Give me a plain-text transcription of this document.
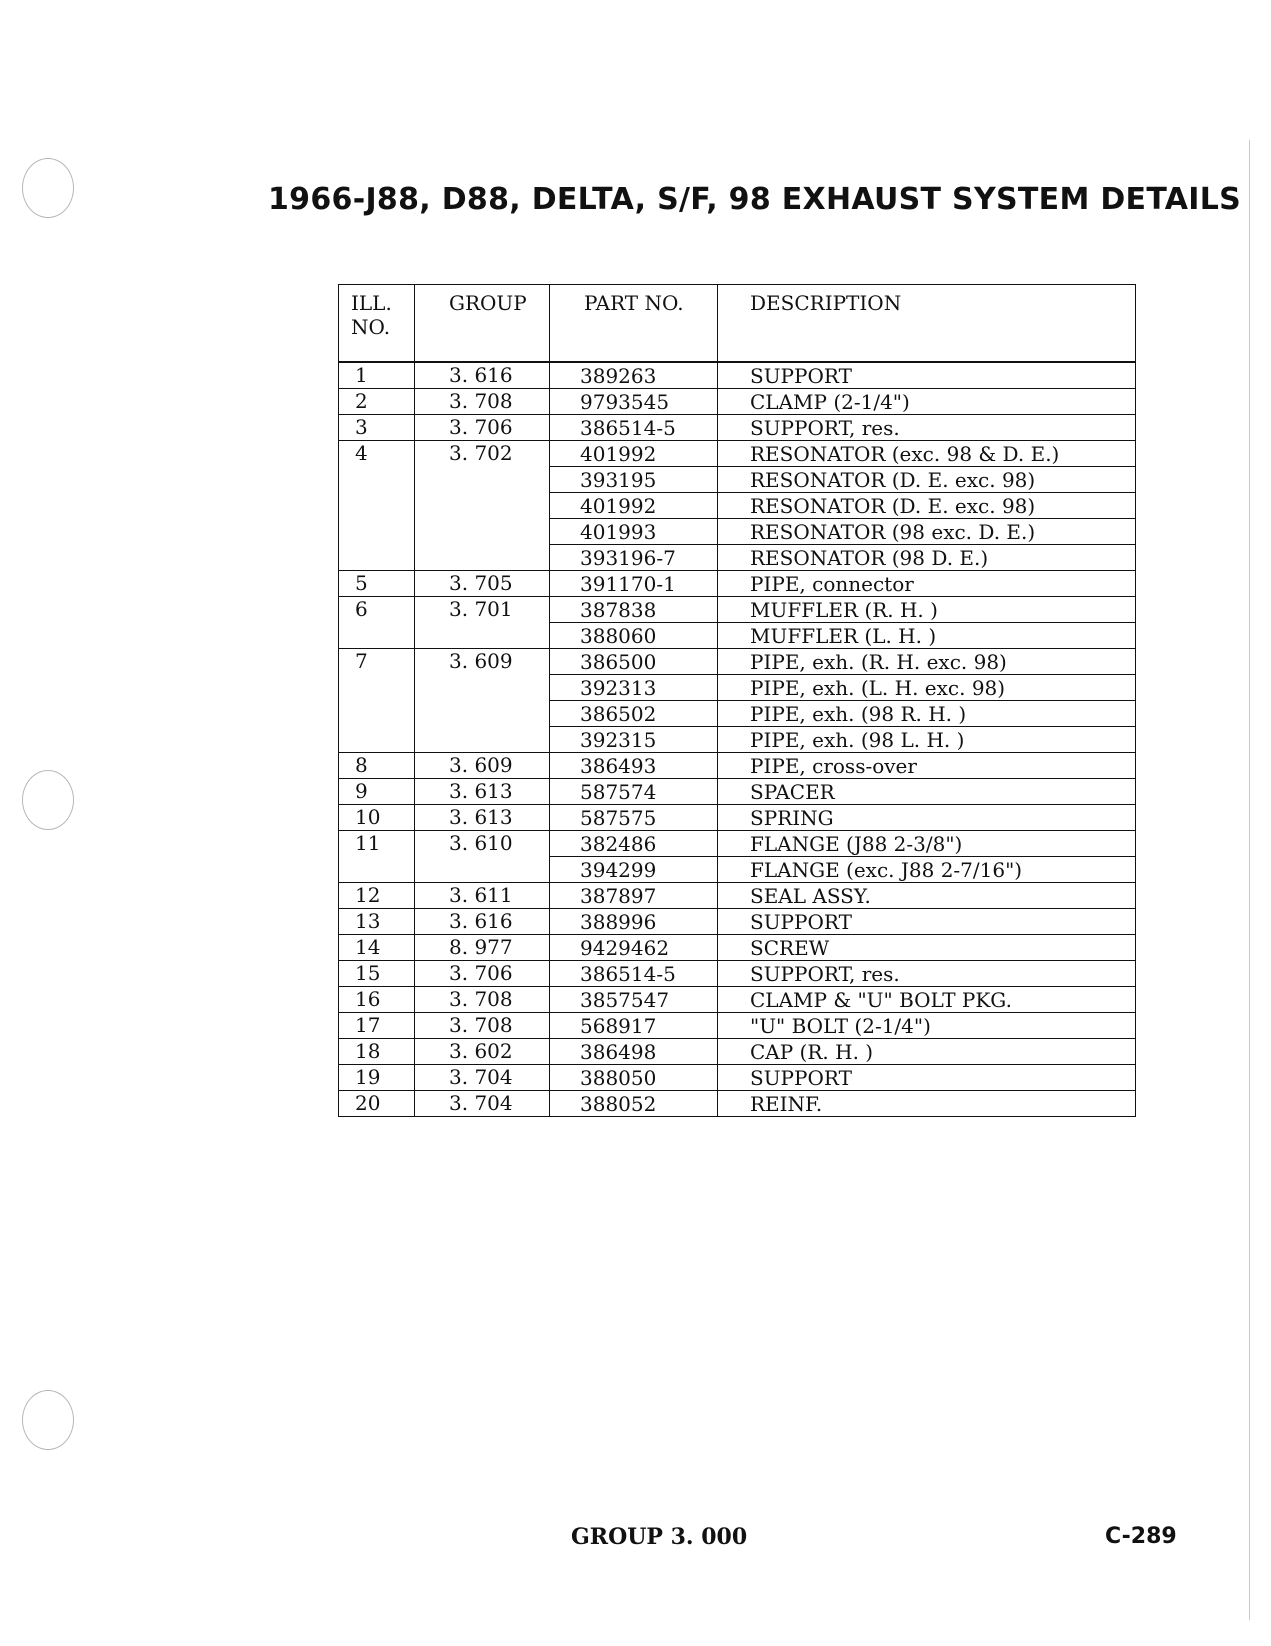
1966-J88, D88, DELTA, S/F, 98 EXHAUST SYSTEM DETAILS
ILL.
NO.	GROUP	PART NO.	DESCRIPTION
1	3. 616	389263	SUPPORT
2	3. 708	9793545	CLAMP (2-1/4")
3	3. 706	386514-5	SUPPORT, res.
4	3. 702	401992	RESONATOR (exc. 98 & D. E.)
		393195	RESONATOR (D. E. exc. 98)
		401992	RESONATOR (D. E. exc. 98)
		401993	RESONATOR (98 exc. D. E.)
		393196-7	RESONATOR (98 D. E.)
5	3. 705	391170-1	PIPE, connector
6	3. 701	387838	MUFFLER (R. H. )
		388060	MUFFLER (L. H. )
7	3. 609	386500	PIPE, exh. (R. H. exc. 98)
		392313	PIPE, exh. (L. H. exc. 98)
		386502	PIPE, exh. (98 R. H. )
		392315	PIPE, exh. (98 L. H. )
8	3. 609	386493	PIPE, cross-over
9	3. 613	587574	SPACER
10	3. 613	587575	SPRING
11	3. 610	382486	FLANGE (J88 2-3/8")
		394299	FLANGE (exc. J88 2-7/16")
12	3. 611	387897	SEAL ASSY.
13	3. 616	388996	SUPPORT
14	8. 977	9429462	SCREW
15	3. 706	386514-5	SUPPORT, res.
16	3. 708	3857547	CLAMP & "U" BOLT PKG.
17	3. 708	568917	"U" BOLT (2-1/4")
18	3. 602	386498	CAP (R. H. )
19	3. 704	388050	SUPPORT
20	3. 704	388052	REINF.
GROUP 3. 000	C-289
